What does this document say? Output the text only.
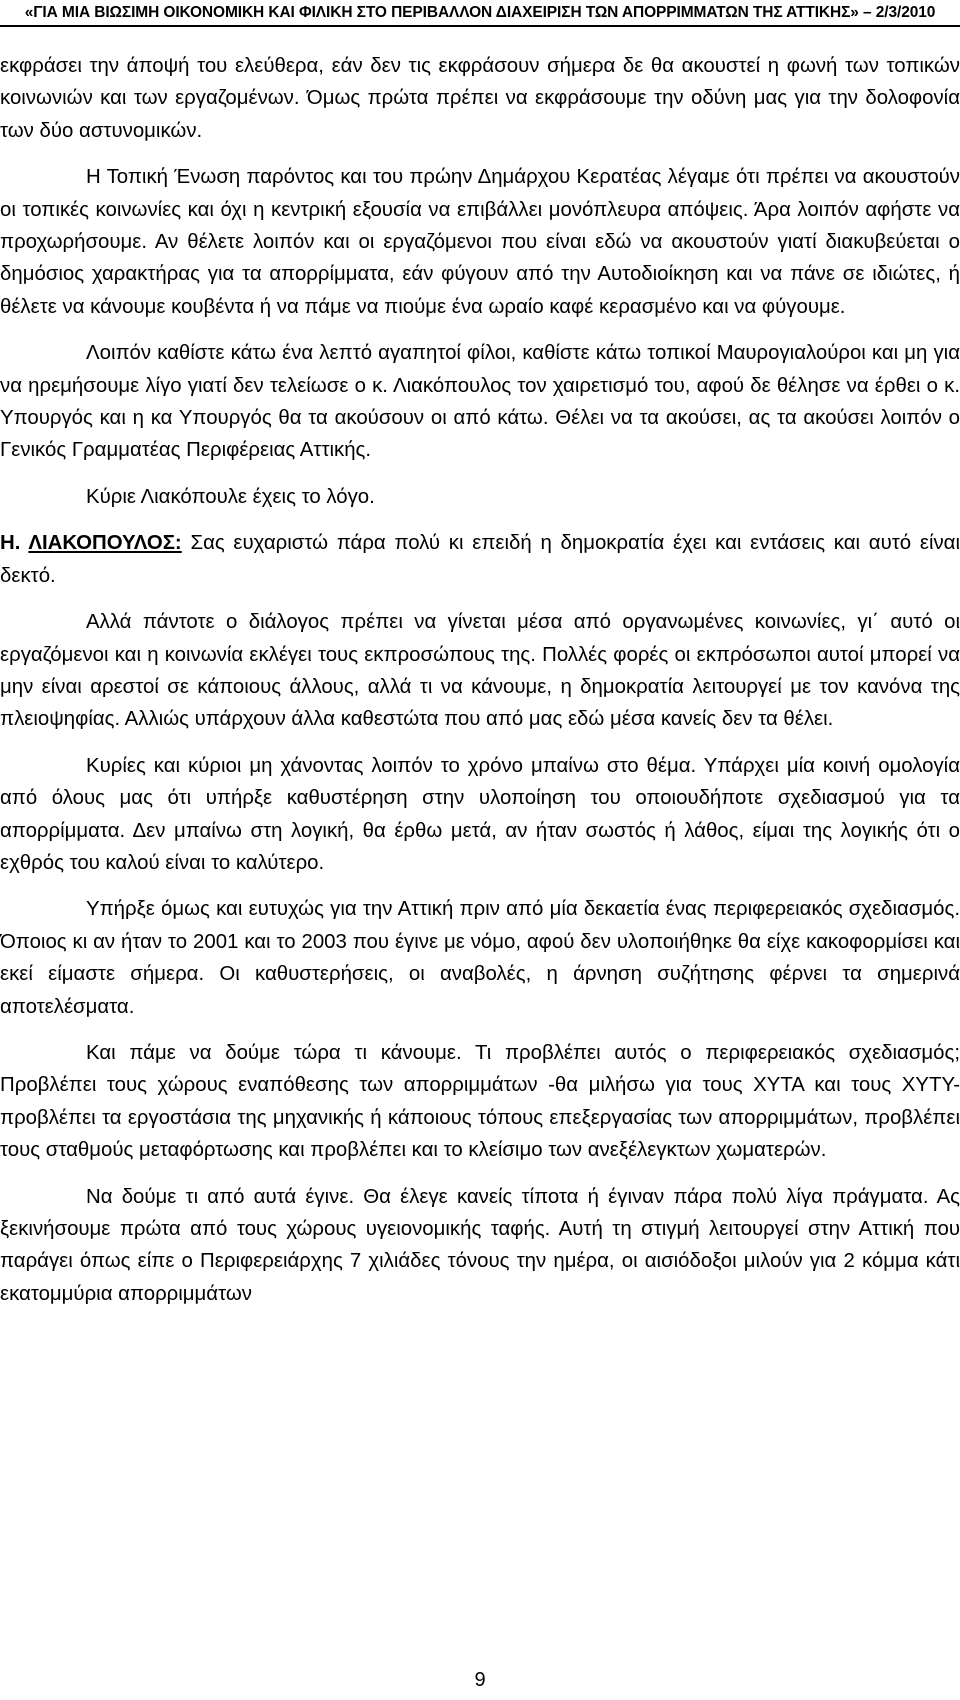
«ΓΙΑ ΜΙΑ ΒΙΩΣΙΜΗ ΟΙΚΟΝΟΜΙΚΗ ΚΑΙ ΦΙΛΙΚΗ ΣΤΟ ΠΕΡΙΒΑΛΛΟΝ ΔΙΑΧΕΙΡΙΣΗ ΤΩΝ ΑΠΟΡΡΙΜΜΑΤΩΝ ΤΗΣ ΑΤΤΙΚΗΣ» – 2/3/2010

εκφράσει την άποψή του ελεύθερα, εάν δεν τις εκφράσουν σήμερα δε θα ακουστεί η φωνή των τοπικών κοινωνιών και των εργαζομένων. Όμως πρώτα πρέπει να εκφράσουμε την οδύνη μας για την δολοφονία των δύο αστυνομικών.

Η Τοπική Ένωση παρόντος και του πρώην Δημάρχου Κερατέας λέγαμε ότι πρέπει να ακουστούν οι τοπικές κοινωνίες και όχι η κεντρική εξουσία να επιβάλλει μονόπλευρα απόψεις. Άρα λοιπόν αφήστε να προχωρήσουμε. Αν θέλετε λοιπόν και οι εργαζόμενοι που είναι εδώ να ακουστούν γιατί διακυβεύεται ο δημόσιος χαρακτήρας για τα απορρίμματα, εάν φύγουν από την Αυτοδιοίκηση και να πάνε σε ιδιώτες, ή θέλετε να κάνουμε κουβέντα ή να πάμε να πιούμε ένα ωραίο καφέ κερασμένο και να φύγουμε.

Λοιπόν καθίστε κάτω ένα λεπτό αγαπητοί φίλοι, καθίστε κάτω τοπικοί Μαυρογιαλούροι και μη για να ηρεμήσουμε λίγο γιατί δεν τελείωσε ο κ. Λιακόπουλος τον χαιρετισμό του, αφού δε θέλησε να έρθει ο κ. Υπουργός και η κα Υπουργός θα τα ακούσουν οι από κάτω. Θέλει να τα ακούσει, ας τα ακούσει λοιπόν ο Γενικός Γραμματέας Περιφέρειας Αττικής.

Κύριε Λιακόπουλε έχεις το λόγο.

Η. ΛΙΑΚΟΠΟΥΛΟΣ: Σας ευχαριστώ πάρα πολύ κι επειδή η δημοκρατία έχει και εντάσεις και αυτό είναι δεκτό.

Αλλά πάντοτε ο διάλογος πρέπει να γίνεται μέσα από οργανωμένες κοινωνίες, γι΄ αυτό οι εργαζόμενοι και η κοινωνία εκλέγει τους εκπροσώπους της. Πολλές φορές οι εκπρόσωποι αυτοί μπορεί να μην είναι αρεστοί σε κάποιους άλλους, αλλά τι να κάνουμε, η δημοκρατία λειτουργεί με τον κανόνα της πλειοψηφίας. Αλλιώς υπάρχουν άλλα καθεστώτα που από μας εδώ μέσα κανείς δεν τα θέλει.

Κυρίες και κύριοι μη χάνοντας λοιπόν το χρόνο μπαίνω στο θέμα. Υπάρχει μία κοινή ομολογία από όλους μας ότι υπήρξε καθυστέρηση στην υλοποίηση του οποιουδήποτε σχεδιασμού για τα απορρίμματα. Δεν μπαίνω στη λογική, θα έρθω μετά, αν ήταν σωστός ή λάθος, είμαι της λογικής ότι ο εχθρός του καλού είναι το καλύτερο.

Υπήρξε όμως και ευτυχώς για την Αττική πριν από μία δεκαετία ένας περιφερειακός σχεδιασμός. Όποιος κι αν ήταν το 2001 και το 2003 που έγινε με νόμο, αφού δεν υλοποιήθηκε θα είχε κακοφορμίσει και εκεί είμαστε σήμερα. Οι καθυστερήσεις, οι αναβολές, η άρνηση συζήτησης φέρνει τα σημερινά αποτελέσματα.

Και πάμε να δούμε τώρα τι κάνουμε. Τι προβλέπει αυτός ο περιφερειακός σχεδιασμός; Προβλέπει τους χώρους εναπόθεσης των απορριμμάτων -θα μιλήσω για τους ΧΥΤΑ και τους ΧΥΤΥ- προβλέπει τα εργοστάσια της μηχανικής ή κάποιους τόπους επεξεργασίας των απορριμμάτων, προβλέπει τους σταθμούς μεταφόρτωσης και προβλέπει και το κλείσιμο των ανεξέλεγκτων χωματερών.

Να δούμε τι από αυτά έγινε. Θα έλεγε κανείς τίποτα ή έγιναν πάρα πολύ λίγα πράγματα. Ας ξεκινήσουμε πρώτα από τους χώρους υγειονομικής ταφής. Αυτή τη στιγμή λειτουργεί στην Αττική που παράγει όπως είπε ο Περιφερειάρχης 7 χιλιάδες τόνους την ημέρα, οι αισιόδοξοι μιλούν για 2 κόμμα κάτι εκατομμύρια απορριμμάτων

9
